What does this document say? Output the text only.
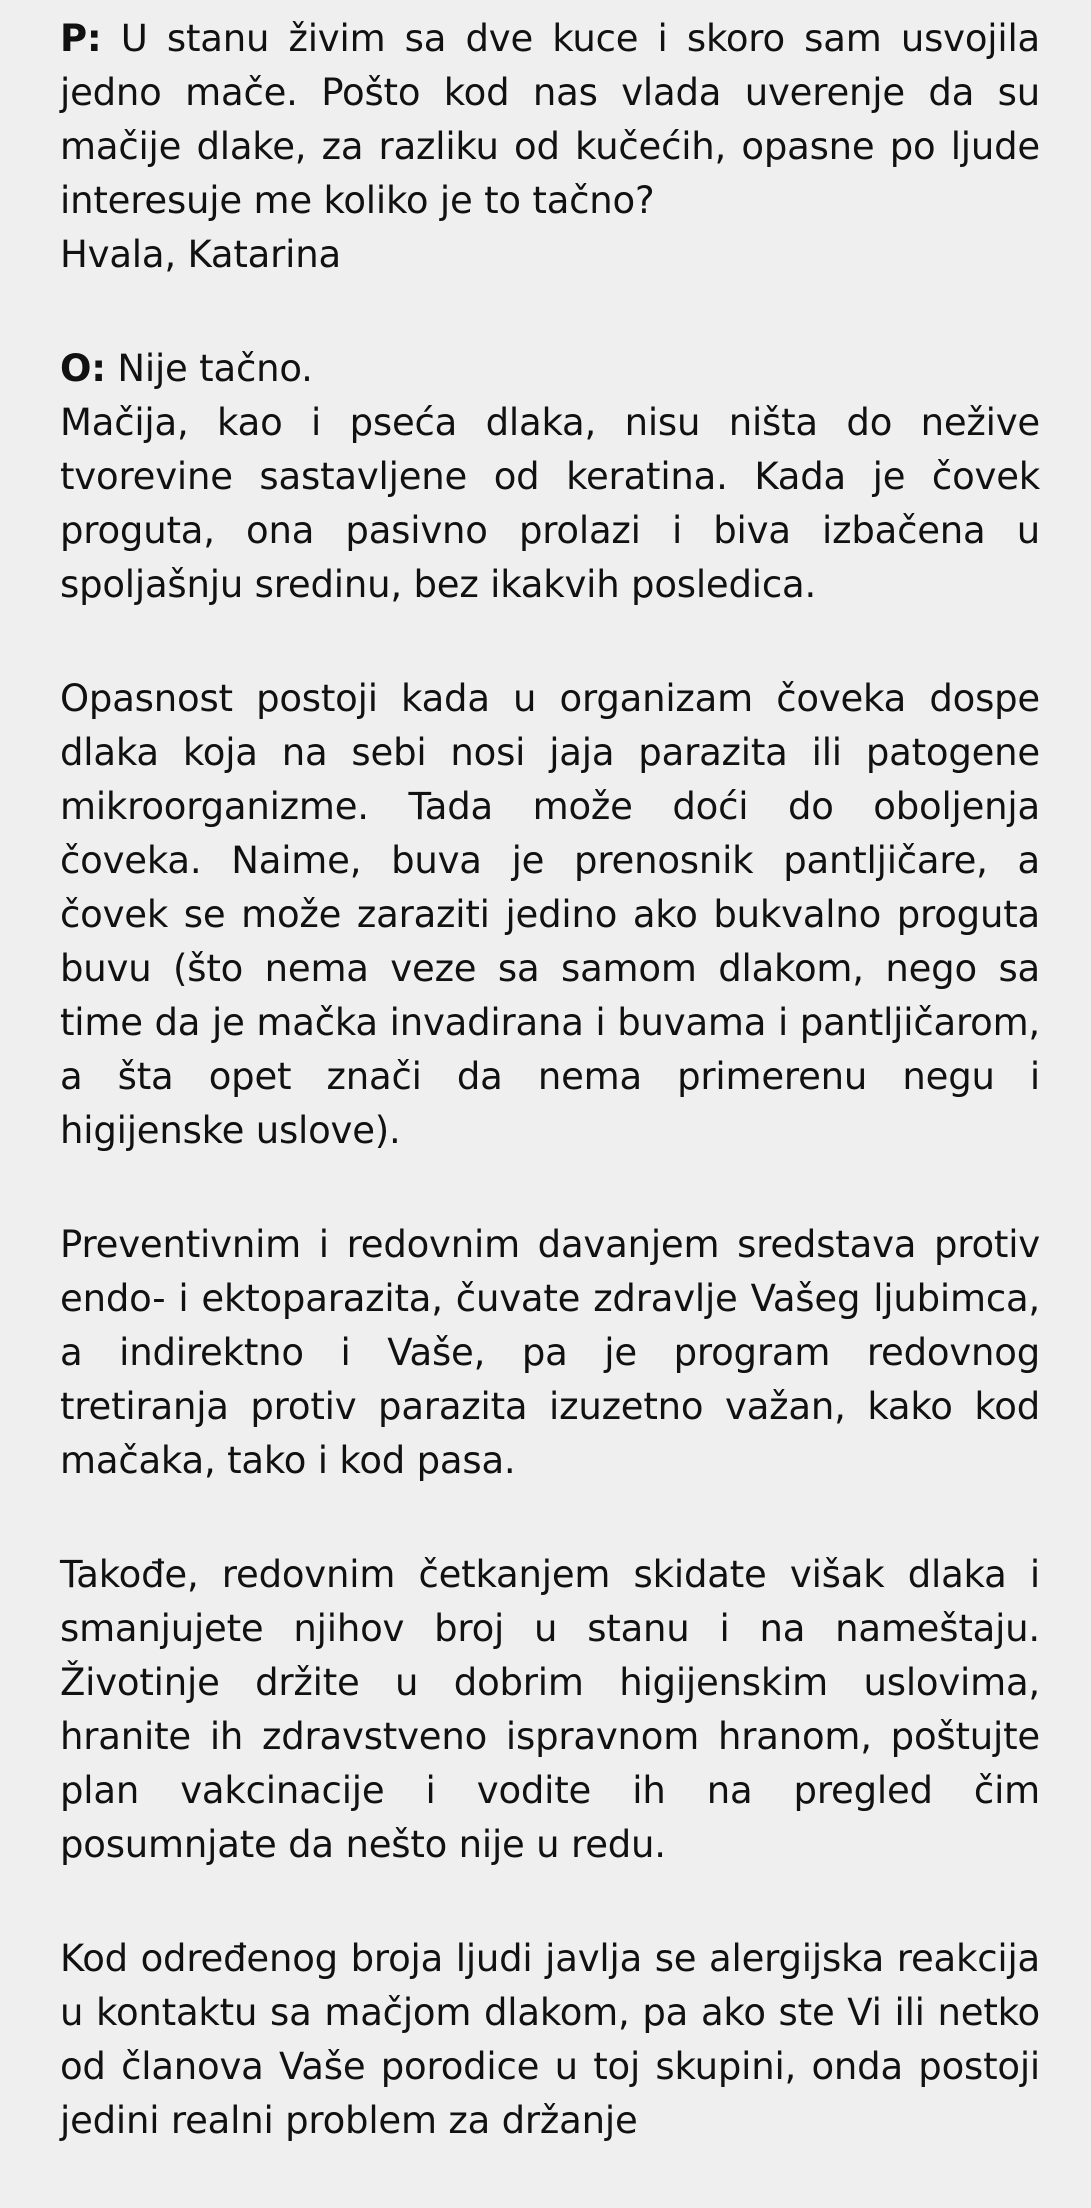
P: U stanu živim sa dve kuce i skoro sam usvojila jedno mače. Pošto kod nas vlada uverenje da su mačije dlake, za razliku od kučećih, opasne po ljude interesuje me koliko je to tačno?
Hvala, Katarina

O: Nije tačno.
Mačija, kao i pseća dlaka, nisu ništa do nežive tvorevine sastavljene od keratina. Kada je čovek proguta, ona pasivno prolazi i biva izbačena u spoljašnju sredinu, bez ikakvih posledica.

Opasnost postoji kada u organizam čoveka dospe dlaka koja na sebi nosi jaja parazita ili patogene mikroorganizme. Tada može doći do oboljenja čoveka. Naime, buva je prenosnik pantljičare, a čovek se može zaraziti jedino ako bukvalno proguta buvu (što nema veze sa samom dlakom, nego sa time da je mačka invadirana i buvama i pantljičarom, a šta opet znači da nema primerenu negu i higijenske uslove).

Preventivnim i redovnim davanjem sredstava protiv endo- i ektoparazita, čuvate zdravlje Vašeg ljubimca, a indirektno i Vaše, pa je program redovnog tretiranja protiv parazita izuzetno važan, kako kod mačaka, tako i kod pasa.

Takođe, redovnim četkanjem skidate višak dlaka i smanjujete njihov broj u stanu i na nameštaju. Životinje držite u dobrim higijenskim uslovima, hranite ih zdravstveno ispravnom hranom, poštujte plan vakcinacije i vodite ih na pregled čim posumnjate da nešto nije u redu.

Kod određenog broja ljudi javlja se alergijska reakcija u kontaktu sa mačjom dlakom, pa ako ste Vi ili netko od članova Vaše porodice u toj skupini, onda postoji jedini realni problem za držanje
